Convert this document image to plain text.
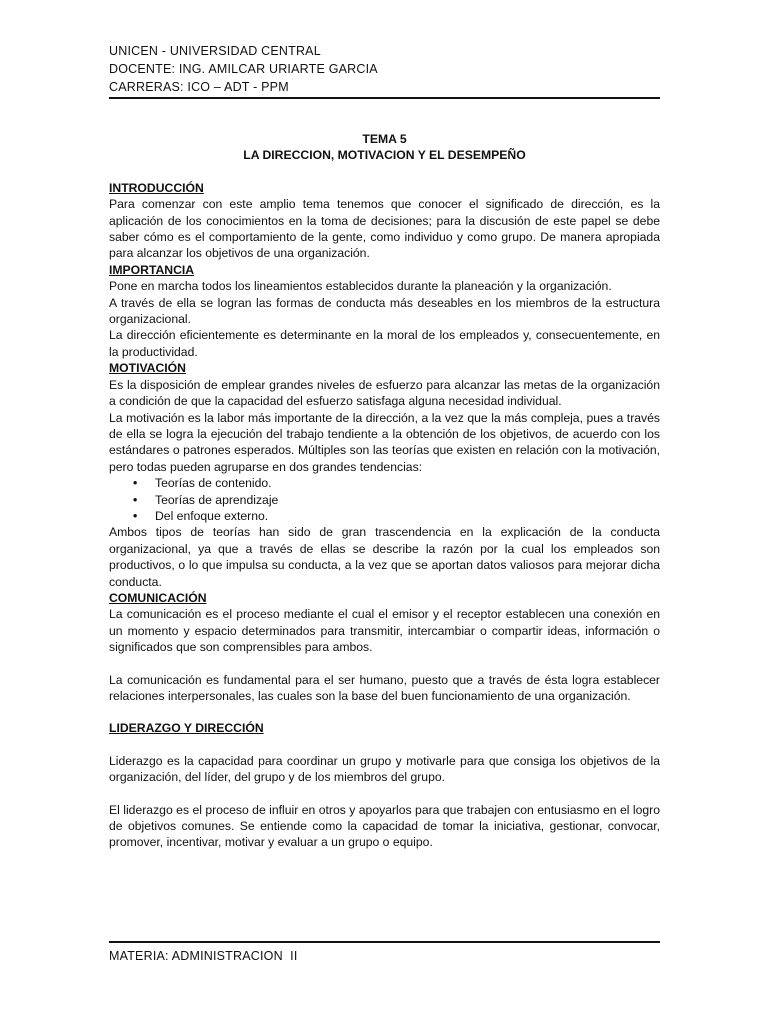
UNICEN - UNIVERSIDAD CENTRAL
DOCENTE: ING. AMILCAR URIARTE GARCIA
CARRERAS: ICO – ADT - PPM
TEMA 5
LA DIRECCION, MOTIVACION Y EL DESEMPEÑO
INTRODUCCIÓN

Para comenzar con este amplio tema tenemos que conocer el significado de dirección, es la aplicación de los conocimientos en la toma de decisiones; para la discusión de este papel se debe saber cómo es el comportamiento de la gente, como individuo y como grupo. De manera apropiada para alcanzar los objetivos de una organización.

IMPORTANCIA

Pone en marcha todos los lineamientos establecidos durante la planeación y la organización.

A través de ella se logran las formas de conducta más deseables en los miembros de la estructura organizacional.

La dirección eficientemente es determinante en la moral de los empleados y, consecuentemente, en la productividad.

MOTIVACIÓN

Es la disposición de emplear grandes niveles de esfuerzo para alcanzar las metas de la organización a condición de que la capacidad del esfuerzo satisfaga alguna necesidad individual.

La motivación es la labor más importante de la dirección, a la vez que la más compleja, pues a través de ella se logra la ejecución del trabajo tendiente a la obtención de los objetivos, de acuerdo con los estándares o patrones esperados. Múltiples son las teorías que existen en relación con la motivación, pero todas pueden agruparse en dos grandes tendencias:

• Teorías de contenido.
• Teorías de aprendizaje
• Del enfoque externo.

Ambos tipos de teorías han sido de gran trascendencia en la explicación de la conducta organizacional, ya que a través de ellas se describe la razón por la cual los empleados son productivos, o lo que impulsa su conducta, a la vez que se aportan datos valiosos para mejorar dicha conducta.

COMUNICACIÓN

La comunicación es el proceso mediante el cual el emisor y el receptor establecen una conexión en un momento y espacio determinados para transmitir, intercambiar o compartir ideas, información o significados que son comprensibles para ambos.

La comunicación es fundamental para el ser humano, puesto que a través de ésta logra establecer relaciones interpersonales, las cuales son la base del buen funcionamiento de una organización.

LIDERAZGO Y DIRECCIÓN

Liderazgo es la capacidad para coordinar un grupo y motivarle para que consiga los objetivos de la organización, del líder, del grupo y de los miembros del grupo.

El liderazgo es el proceso de influir en otros y apoyarlos para que trabajen con entusiasmo en el logro de objetivos comunes. Se entiende como la capacidad de tomar la iniciativa, gestionar, convocar, promover, incentivar, motivar y evaluar a un grupo o equipo.

MATERIA: ADMINISTRACION  II
